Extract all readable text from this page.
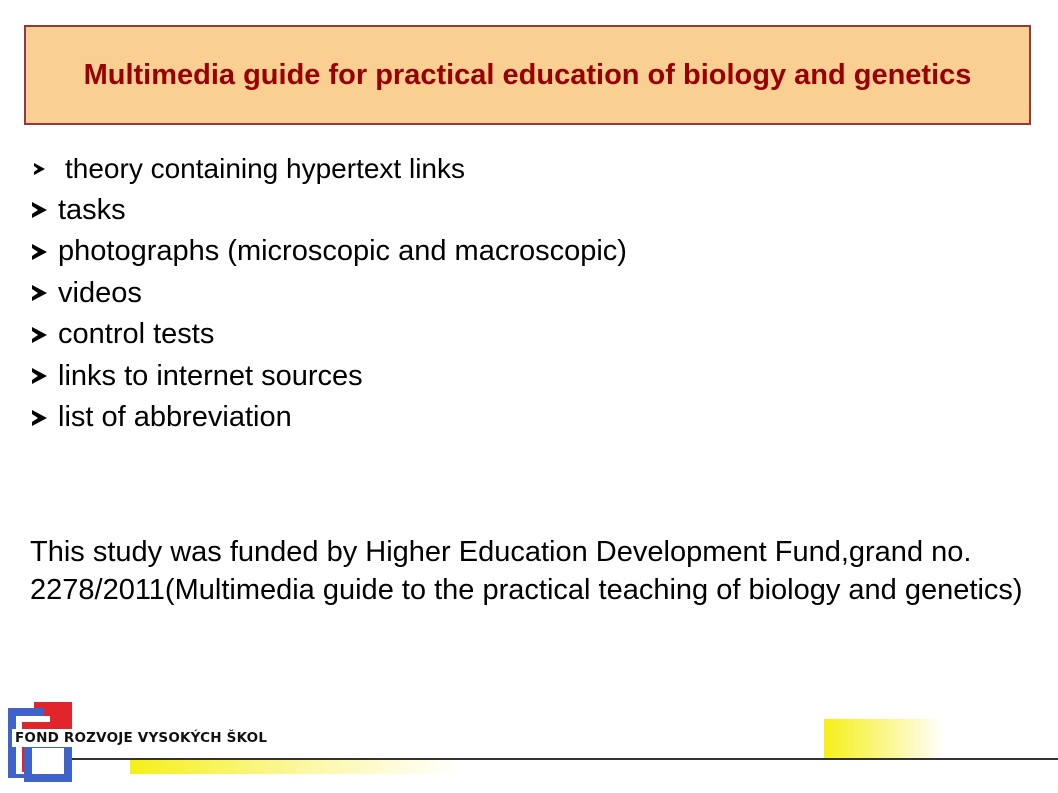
Multimedia guide for practical education of biology and genetics
theory containing hypertext links
tasks
photographs (microscopic and macroscopic)
videos
control tests
links to internet sources
list of abbreviation

This study was funded by Higher Education Development Fund,grand no. 2278/2011(Multimedia guide to the practical teaching of biology and genetics)

FOND ROZVOJE VYSOKÝCH ŠKOL
